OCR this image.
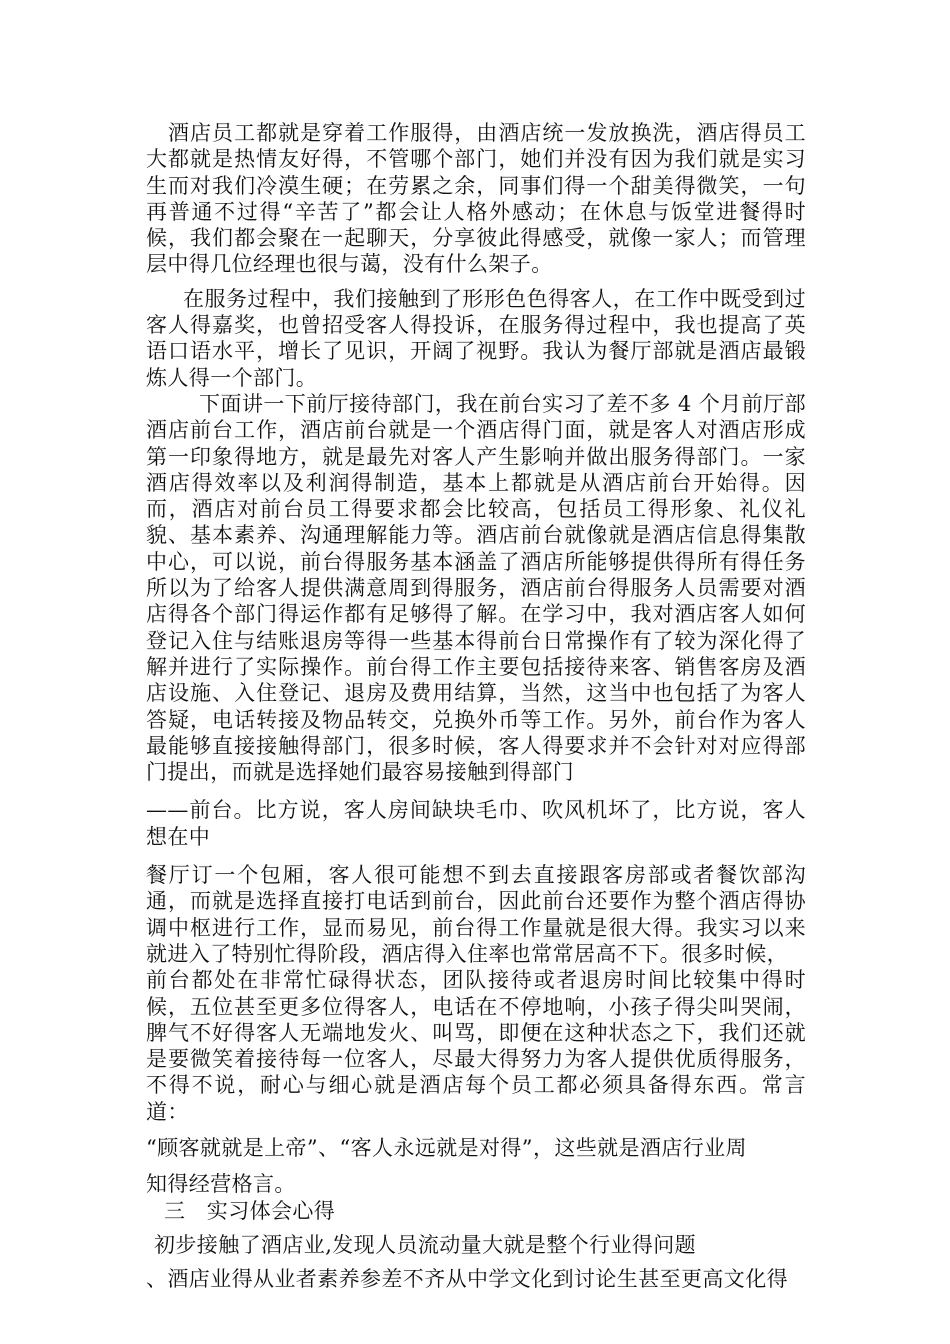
酒店员工都就是穿着工作服得，由酒店统一发放换洗，酒店得员工大都就是热情友好得，不管哪个部门，她们并没有因为我们就是实习生而对我们冷漠生硬；在劳累之余，同事们得一个甜美得微笑，一句再普通不过得“辛苦了”都会让人格外感动；在休息与饭堂进餐得时候，我们都会聚在一起聊天，分享彼此得感受，就像一家人；而管理层中得几位经理也很与蔼，没有什么架子。

在服务过程中，我们接触到了形形色色得客人，在工作中既受到过客人得嘉奖，也曾招受客人得投诉，在服务得过程中，我也提高了英语口语水平，增长了见识，开阔了视野。我认为餐厅部就是酒店最锻炼人得一个部门。

下面讲一下前厅接待部门，我在前台实习了差不多 4 个月前厅部酒店前台工作，酒店前台就是一个酒店得门面，就是客人对酒店形成第一印象得地方，就是最先对客人产生影响并做出服务得部门。一家酒店得效率以及利润得制造，基本上都就是从酒店前台开始得。因而，酒店对前台员工得要求都会比较高，包括员工得形象、礼仪礼貌、基本素养、沟通理解能力等。酒店前台就像就是酒店信息得集散中心，可以说，前台得服务基本涵盖了酒店所能够提供得所有得任务所以为了给客人提供满意周到得服务，酒店前台得服务人员需要对酒店得各个部门得运作都有足够得了解。在学习中，我对酒店客人如何登记入住与结账退房等得一些基本得前台日常操作有了较为深化得了解并进行了实际操作。前台得工作主要包括接待来客、销售客房及酒店设施、入住登记、退房及费用结算，当然，这当中也包括了为客人答疑，电话转接及物品转交，兑换外币等工作。另外，前台作为客人最能够直接接触得部门，很多时候，客人得要求并不会针对对应得部门提出，而就是选择她们最容易接触到得部门

——前台。比方说，客人房间缺块毛巾、吹风机坏了，比方说，客人想在中

餐厅订一个包厢，客人很可能想不到去直接跟客房部或者餐饮部沟通，而就是选择直接打电话到前台，因此前台还要作为整个酒店得协调中枢进行工作，显而易见，前台得工作量就是很大得。我实习以来就进入了特别忙得阶段，酒店得入住率也常常居高不下。很多时候，

前台都处在非常忙碌得状态，团队接待或者退房时间比较集中得时候，五位甚至更多位得客人，电话在不停地响，小孩子得尖叫哭闹，脾气不好得客人无端地发火、叫骂，即便在这种状态之下，我们还就是要微笑着接待每一位客人，尽最大得努力为客人提供优质得服务，不得不说，耐心与细心就是酒店每个员工都必须具备得东西。常言道：

“顾客就就是上帝”、“客人永远就是对得”，这些就是酒店行业周

知得经营格言。

三　实习体会心得

初步接触了酒店业,发现人员流动量大就是整个行业得问题

、酒店业得从业者素养参差不齐从中学文化到讨论生甚至更高文化得
